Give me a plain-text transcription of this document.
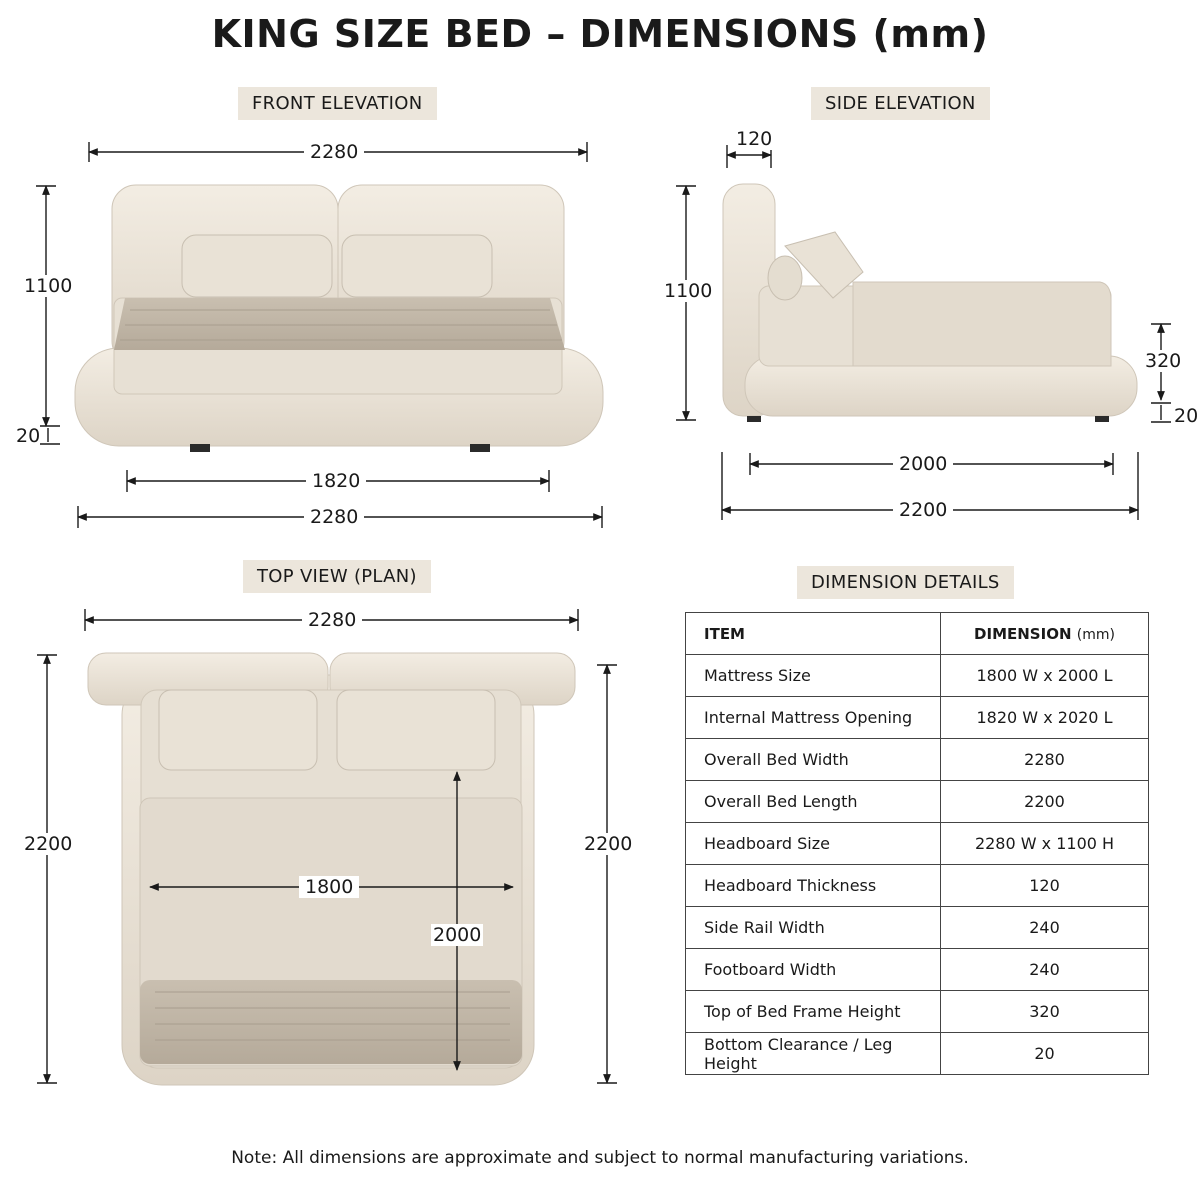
KING SIZE BED – DIMENSIONS (mm)
FRONT ELEVATION
2280
1100
20
1820
2280
SIDE ELEVATION
120
1100
320
20
2000
2200
TOP VIEW (PLAN)
2280
2200	2200
1800
2000
DIMENSION DETAILS
ITEM	DIMENSION (mm)
Mattress Size	1800 W x 2000 L
Internal Mattress Opening	1820 W x 2020 L
Overall Bed Width	2280
Overall Bed Length	2200
Headboard Size	2280 W x 1100 H
Headboard Thickness	120
Side Rail Width	240
Footboard Width	240
Top of Bed Frame Height	320
Bottom Clearance / Leg Height	20
Note: All dimensions are approximate and subject to normal manufacturing variations.
